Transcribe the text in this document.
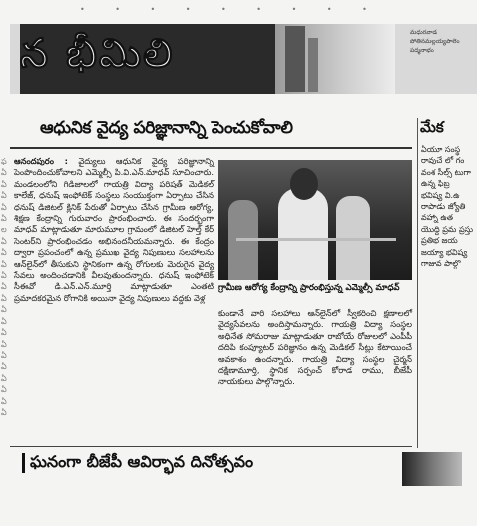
• • • • • • • • •
న భీమిలి	మధురవాడ పోతినమల్లయ్యపాలెం పద్మనాభం
ఆధునిక వైద్య పరిజ్ఞానాన్ని పెంచుకోవాలి
ఫ ఏ ఏ ఏ ఏ ఏ ల ఏ ఏ ఏ ఏ ఏ ఏ ఏ ఏ ఏ ఏ ఏ ఏ ఏ ఏ ఏ ఏ
ఆనందపురం : వైద్యులు ఆధునిక వైద్య పరిజ్ఞానాన్ని పెంపొందించుకోవాలని ఎమ్మెల్సీ పి.వి.ఎన్.మాధవ్ సూచించారు. మండలంలోని గిడిజాలలో గాయత్రి విద్యా పరిషత్ మెడికల్ కాలేజ్, ధనుష్ ఇంఫోటెక్ సంస్థలు సంయుక్తంగా ఏర్పాటు చేసిన ధనుష్ డిజిటల్ క్లినిక్ పేరుతో ఏర్పాటు చేసిన గ్రామీణ ఆరోగ్య, శిక్షణ కేంద్రాన్ని గురువారం ప్రారంభించారు. ఈ సందర్భంగా మాధవ్ మాట్లాడుతూ మారుమూల గ్రామంలో డిజిటల్ హెల్త్ కేర్ సెంటర్‌ని ప్రారంభించడం అభినందనీయమన్నారు. ఈ కేంద్రం ద్వారా ప్రపంచంలో ఉన్న ప్రముఖ వైద్య నిపుణులు సలహాలను ఆన్‌లైన్‌లో తీసుకుని స్థానికంగా ఉన్న రోగులకు మెరుగైన వైద్య సేవలు అందించడానికి వీలవుతుందన్నారు. ధనుష్ ఇంఫోటెక్ సీఈవో డి.ఎన్.ఎన్.మూర్తి మాట్లాడుతూ ఎంతటి ప్రమాదకరమైన రోగానికి అయినా వైద్య నిపుణులు వద్దకు వెళ్ల
గ్రామీణ ఆరోగ్య కేంద్రాన్ని ప్రారంభిస్తున్న ఎమ్మెల్సీ మాధవ్
కుండానే వారి సలహాలు ఆన్‌లైన్‌లో స్వీకరించి క్షణాలలో వైద్యసేవలను అందిస్తామన్నారు. గాయత్రి విద్యా సంస్థల అధినేత సోమరాజు మాట్లాడుతూ రాబోయే రోజులలో ఎంపీపీ దదిపి కంప్యూటర్ పరిజ్ఞానం ఉన్న మెడికల్ సీట్లు కేటాయించే అవకాశం ఉందన్నారు. గాయత్రి విద్యా సంస్థల చైర్మన్ దక్షిణామూర్తి, స్థానిక సర్పంచ్ కోరాడ రాము, బీజేపీ నాయకులు పాల్గొన్నారు.
మేక
ఏయూ సంస్థ రావుచే లో గం వంశ సీల్స్ టుగా ఉన్న ఫిబ్ర భవిష్య వి.ఉ రాపాడు జ్యోతి వహ్నా ఉత యొద్ది ప్రమ ప్రస్తు ప్రతిభ జయ జయ్యా భవిష్య గాజువ పాల్గొ
ఘనంగా బీజేపీ ఆవిర్భావ దినోత్సవం
